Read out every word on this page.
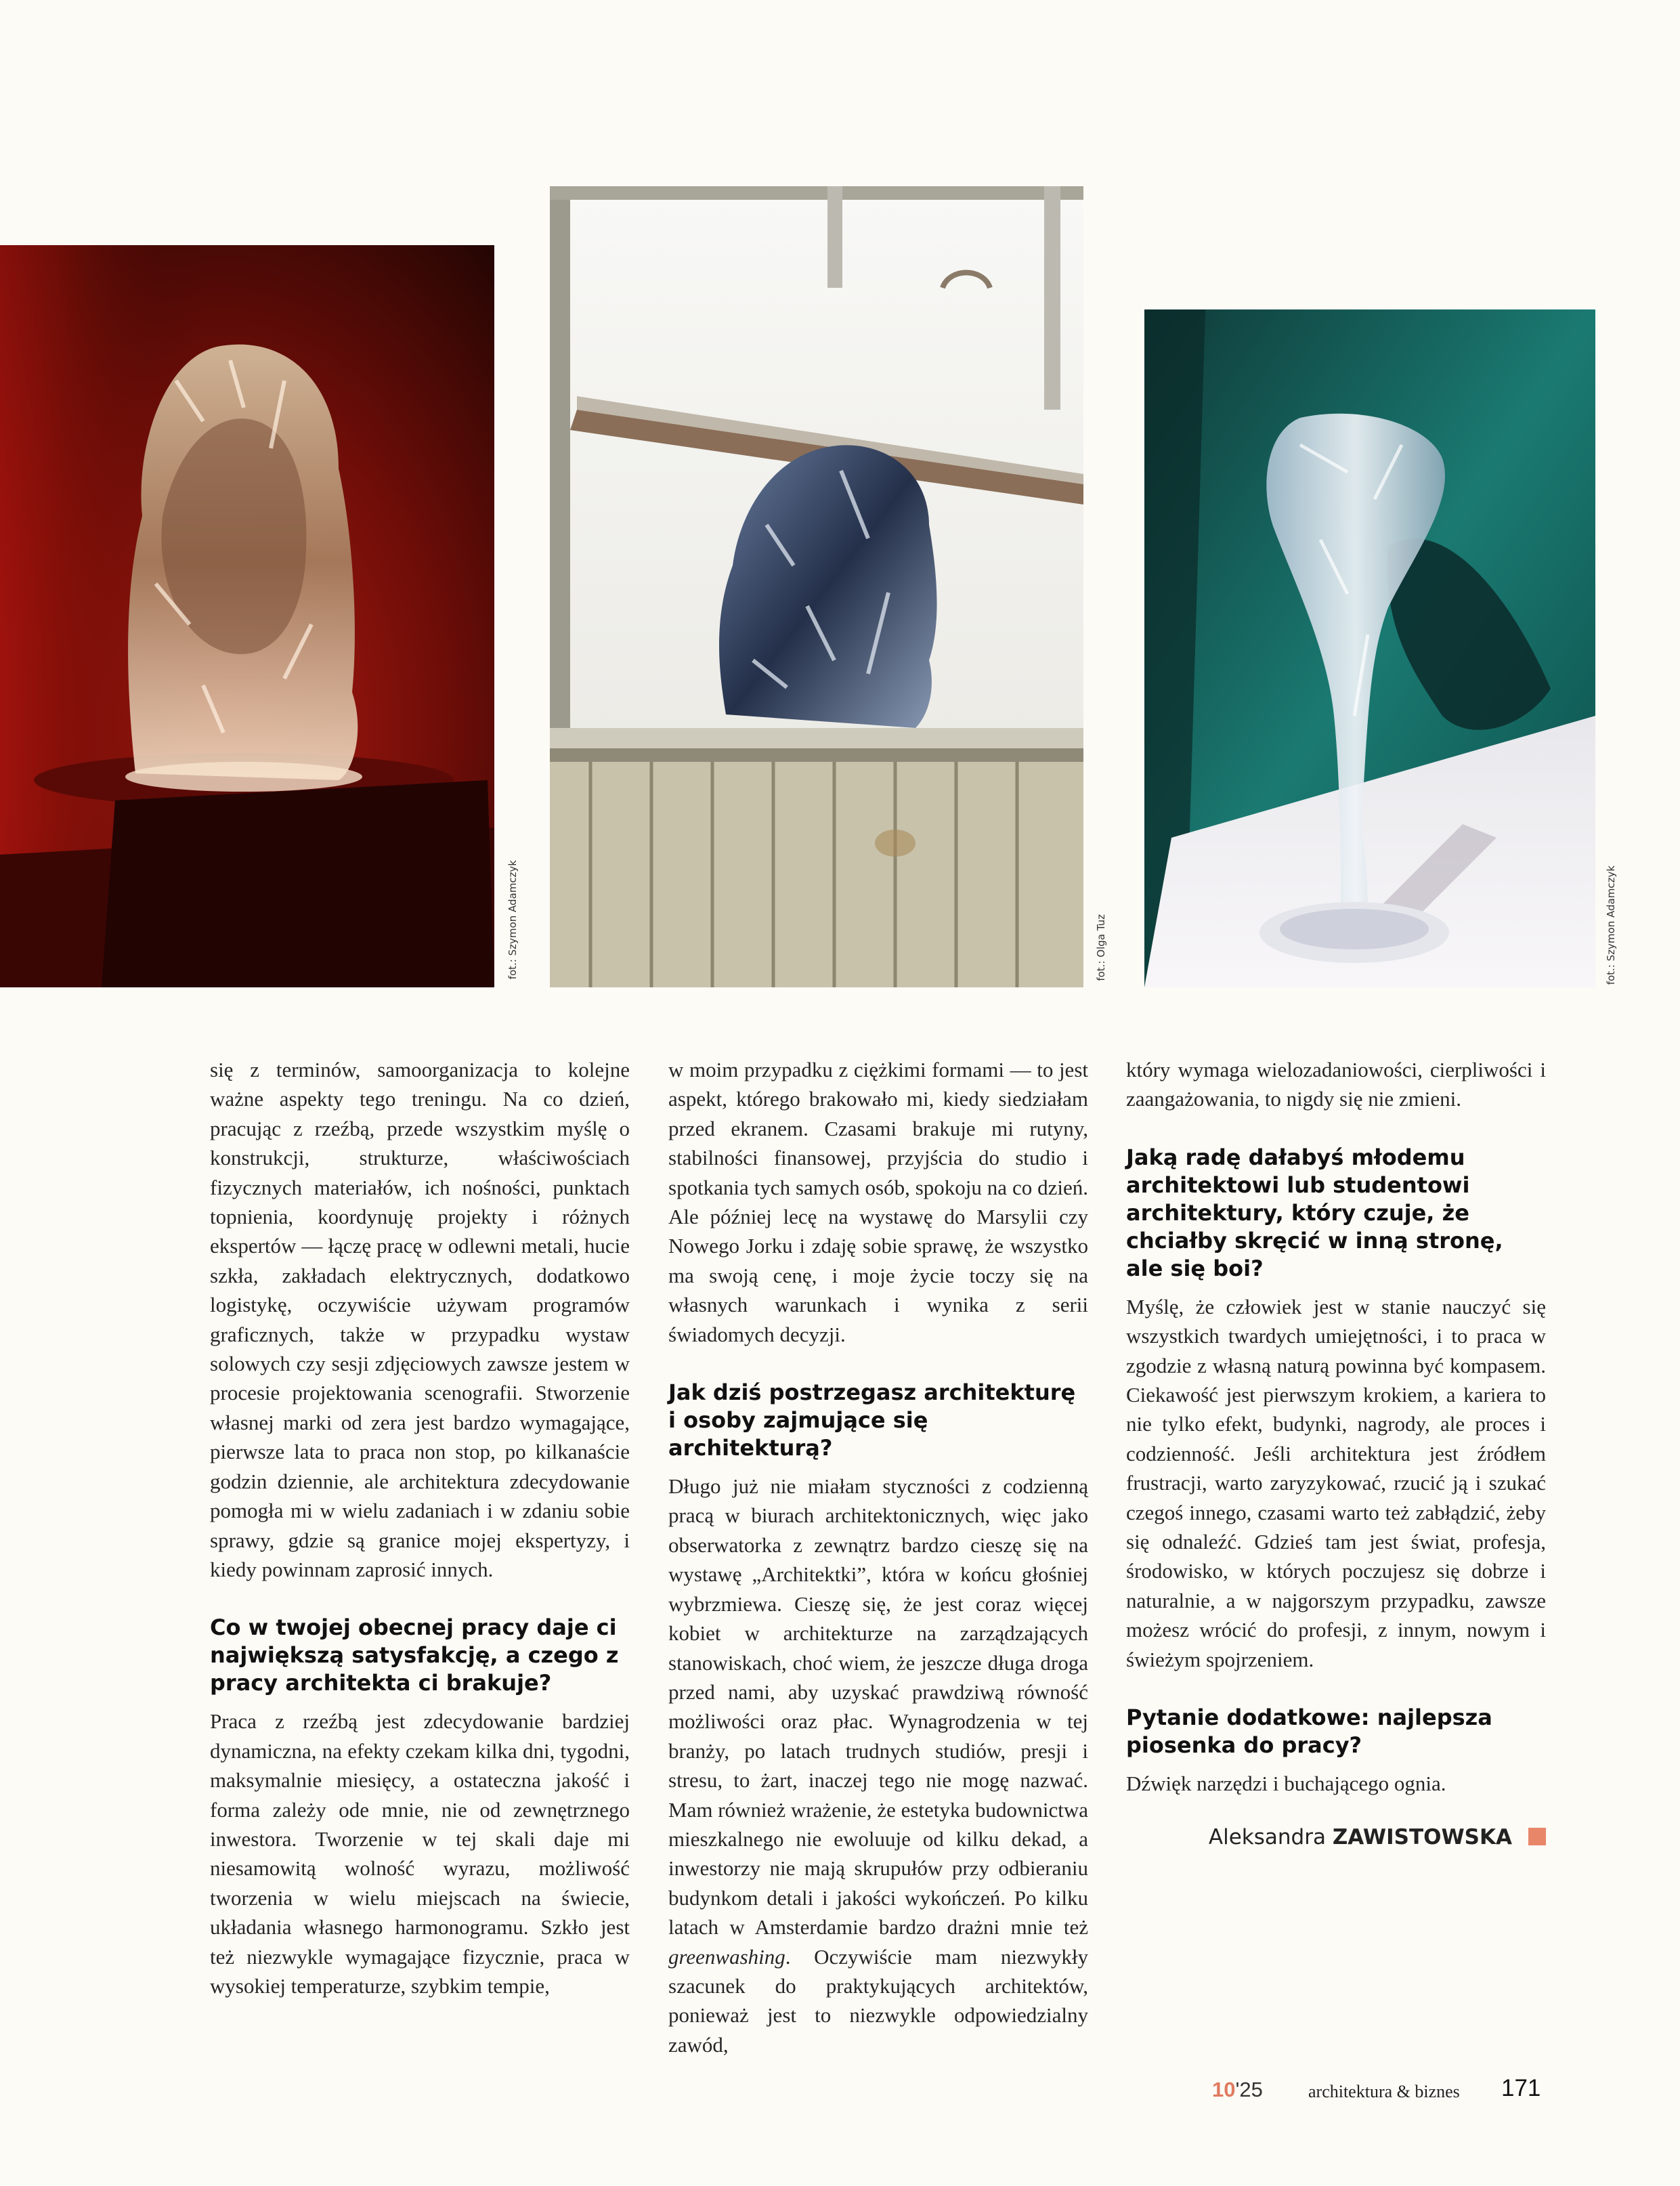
fot.: Szymon Adamczyk	fot.: Olga Tuz	fot.: Szymon Adamczyk

się z terminów, samoorganizacja to kolejne ważne aspekty tego treningu. Na co dzień, pracując z rzeźbą, przede wszystkim myślę o konstrukcji, strukturze, właściwościach fizycznych materiałów, ich nośności, punktach topnienia, koordynuję projekty i różnych ekspertów — łączę pracę w odlewni metali, hucie szkła, zakładach elektrycznych, dodatkowo logistykę, oczywiście używam programów graficznych, także w przypadku wystaw solowych czy sesji zdjęciowych zawsze jestem w procesie projektowania scenografii. Stworzenie własnej marki od zera jest bardzo wymagające, pierwsze lata to praca non stop, po kilkanaście godzin dziennie, ale architektura zdecydowanie pomogła mi w wielu zadaniach i w zdaniu sobie sprawy, gdzie są granice mojej ekspertyzy, i kiedy powinnam zaprosić innych.

Co w twojej obecnej pracy daje ci największą satysfakcję, a czego z pracy architekta ci brakuje?

Praca z rzeźbą jest zdecydowanie bardziej dynamiczna, na efekty czekam kilka dni, tygodni, maksymalnie miesięcy, a ostateczna jakość i forma zależy ode mnie, nie od zewnętrznego inwestora. Tworzenie w tej skali daje mi niesamowitą wolność wyrazu, możliwość tworzenia w wielu miejscach na świecie, układania własnego harmonogramu. Szkło jest też niezwykle wymagające fizycznie, praca w wysokiej temperaturze, szybkim tempie,

w moim przypadku z ciężkimi formami — to jest aspekt, którego brakowało mi, kiedy siedziałam przed ekranem. Czasami brakuje mi rutyny, stabilności finansowej, przyjścia do studio i spotkania tych samych osób, spokoju na co dzień. Ale później lecę na wystawę do Marsylii czy Nowego Jorku i zdaję sobie sprawę, że wszystko ma swoją cenę, i moje życie toczy się na własnych warunkach i wynika z serii świadomych decyzji.

Jak dziś postrzegasz architekturę i osoby zajmujące się architekturą?

Długo już nie miałam styczności z codzienną pracą w biurach architektonicznych, więc jako obserwatorka z zewnątrz bardzo cieszę się na wystawę „Architektki”, która w końcu głośniej wybrzmiewa. Cieszę się, że jest coraz więcej kobiet w architekturze na zarządzających stanowiskach, choć wiem, że jeszcze długa droga przed nami, aby uzyskać prawdziwą równość możliwości oraz płac. Wynagrodzenia w tej branży, po latach trudnych studiów, presji i stresu, to żart, inaczej tego nie mogę nazwać. Mam również wrażenie, że estetyka budownictwa mieszkalnego nie ewoluuje od kilku dekad, a inwestorzy nie mają skrupułów przy odbieraniu budynkom detali i jakości wykończeń. Po kilku latach w Amsterdamie bardzo drażni mnie też greenwashing. Oczywiście mam niezwykły szacunek do praktykujących architektów, ponieważ jest to niezwykle odpowiedzialny zawód,

który wymaga wielozadaniowości, cierpliwości i zaangażowania, to nigdy się nie zmieni.

Jaką radę dałabyś młodemu architektowi lub studentowi architektury, który czuje, że chciałby skręcić w inną stronę, ale się boi?

Myślę, że człowiek jest w stanie nauczyć się wszystkich twardych umiejętności, i to praca w zgodzie z własną naturą powinna być kompasem. Ciekawość jest pierwszym krokiem, a kariera to nie tylko efekt, budynki, nagrody, ale proces i codzienność. Jeśli architektura jest źródłem frustracji, warto zaryzykować, rzucić ją i szukać czegoś innego, czasami warto też zabłądzić, żeby się odnaleźć. Gdzieś tam jest świat, profesja, środowisko, w których poczujesz się dobrze i naturalnie, a w najgorszym przypadku, zawsze możesz wrócić do profesji, z innym, nowym i świeżym spojrzeniem.

Pytanie dodatkowe: najlepsza piosenka do pracy?

Dźwięk narzędzi i buchającego ognia.

Aleksandra ZAWISTOWSKA
10'25	architektura & biznes 171
